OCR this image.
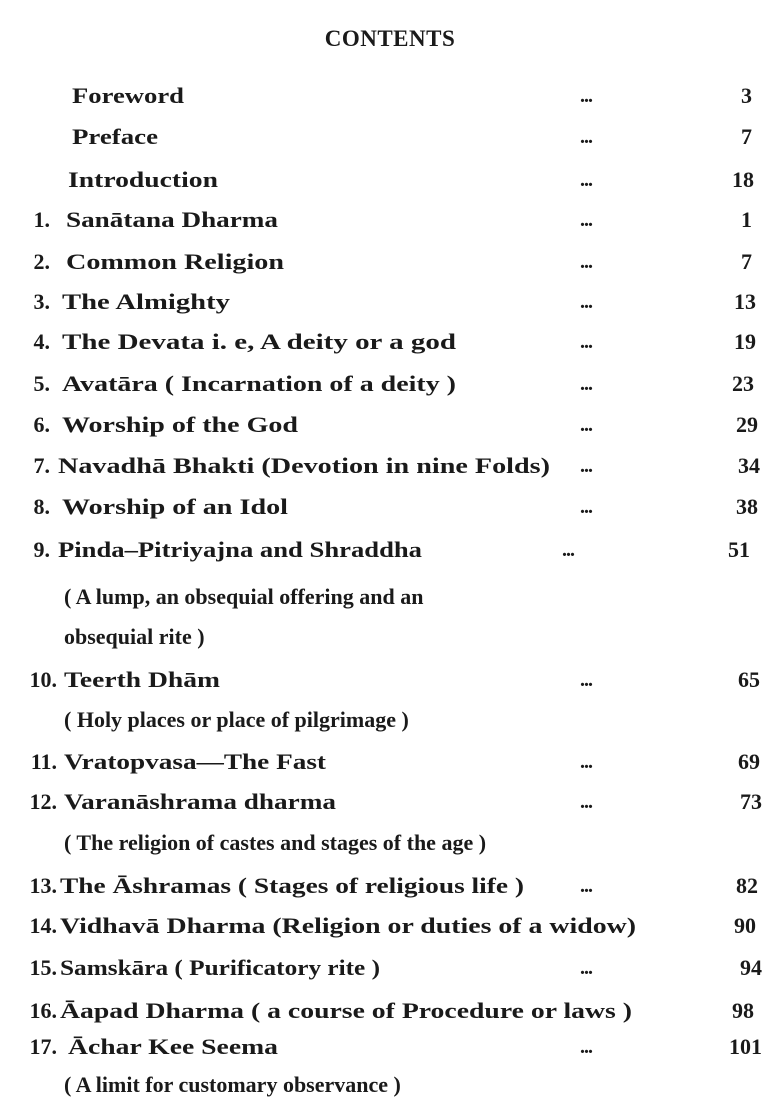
CONTENTS
Foreword	...	3
Preface	...	7
Introduction	...	18
1. Sanātana Dharma	...	1
2. Common Religion	...	7
3. The Almighty	...	13
4. The Devata i. e, A deity or a god	...	19
5. Avatāra ( Incarnation of a deity )	...	23
6. Worship of the God	...	29
7. Navadhā Bhakti (Devotion in nine Folds) ...	34
8. Worship of an Idol	...	38
9. Pinda–Pitriyajna and Shraddha	...	51
( A lump, an obsequial offering and an
obsequial rite )
10. Teerth Dhām	...	65
( Holy places or place of pilgrimage )
11. Vratopvasa—The Fast	...	69
12. Varanāshrama dharma	...	73
( The religion of castes and stages of the age )
13. The Āshramas ( Stages of religious life )	...	82
14. Vidhavā Dharma (Religion or duties of a widow)	90
15. Samskāra ( Purificatory rite )	...	94
16. Āapad Dharma ( a course of Procedure or laws )	98
17. Āchar Kee Seema	...	101
( A limit for customary observance )
